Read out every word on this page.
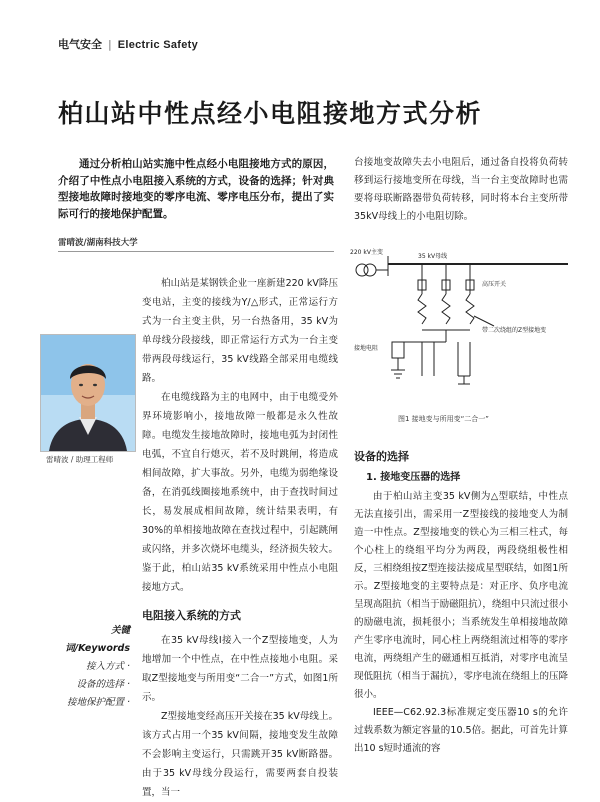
电气安全 | Electric Safety
柏山站中性点经小电阻接地方式分析
通过分析柏山站实施中性点经小电阻接地方式的原因，介绍了中性点小电阻接入系统的方式，设备的选择；针对典型接地故障时接地变的零序电流、零序电压分布，提出了实际可行的接地保护配置。
雷晴波/湖南科技大学
雷晴波 / 助理工程师

柏山站是某钢铁企业一座新建220 kV降压变电站，主变的接线为Y/△形式，正常运行方式为一台主变主供，另一台热备用，35 kV为单母线分段接线，即正常运行方式为一台主变带两段母线运行，35 kV线路全部采用电缆线路。

在电缆线路为主的电网中，由于电缆受外界环境影响小，接地故障一般都是永久性故障。电缆发生接地故障时，接地电弧为封闭性电弧，不宜自行熄灭，若不及时跳闸，将造成相间故障，扩大事故。另外，电缆为弱绝缘设备，在消弧线圈接地系统中，由于查找时间过长，易发展成相间故障，统计结果表明，有30%的单相接地故障在查找过程中，引起跳闸或闪络，并多次烧坏电缆头，经济损失较大。鉴于此，柏山站35 kV系统采用中性点小电阻接地方式。

电阻接入系统的方式

在35 kV母线Ⅰ接入一个Z型接地变，人为地增加一个中性点，在中性点接地小电阻。采取Z型接地变与所用变“二合一”方式，如图1所示。

Z型接地变经高压开关接在35 kV母线上。该方式占用一个35 kV间隔，接地变发生故障不会影响主变运行，只需跳开35 kV断路器。由于35 kV母线分段运行，需要两套自投装置，当一

关键词/Keywords
接入方式 ·
设备的选择 ·
接地保护配置 ·

台接地变故障失去小电阻后，通过备自投将负荷转移到运行接地变所在母线，当一台主变故障时也需要将母联断路器带负荷转移，同时将本台主变所带35kV母线上的小电阻切除。

220 kV主变
35 kV母线
高压开关
带二次绕组的Z型接地变
接地电阻
图1 接地变与所用变“二合一”
设备的选择
1. 接地变压器的选择

由于柏山站主变35 kV侧为△型联结，中性点无法直接引出，需采用一Z型接线的接地变人为制造一中性点。Z型接地变的铁心为三相三柱式，每个心柱上的绕组平均分为两段，两段绕组极性相反，三相绕组按Z型连接法接成星型联结，如图1所示。Z型接地变的主要特点是：对正序、负序电流呈现高阻抗（相当于励磁阻抗），绕组中只流过很小的励磁电流，损耗很小；当系统发生单相接地故障产生零序电流时，同心柱上两绕组流过相等的零序电流，两绕组产生的磁通相互抵消，对零序电流呈现低阻抗（相当于漏抗），零序电流在绕组上的压降很小。

IEEE—C62.92.3标准规定变压器10 s的允许过载系数为额定容量的10.5倍。据此，可首先计算出10 s短时通流的容
